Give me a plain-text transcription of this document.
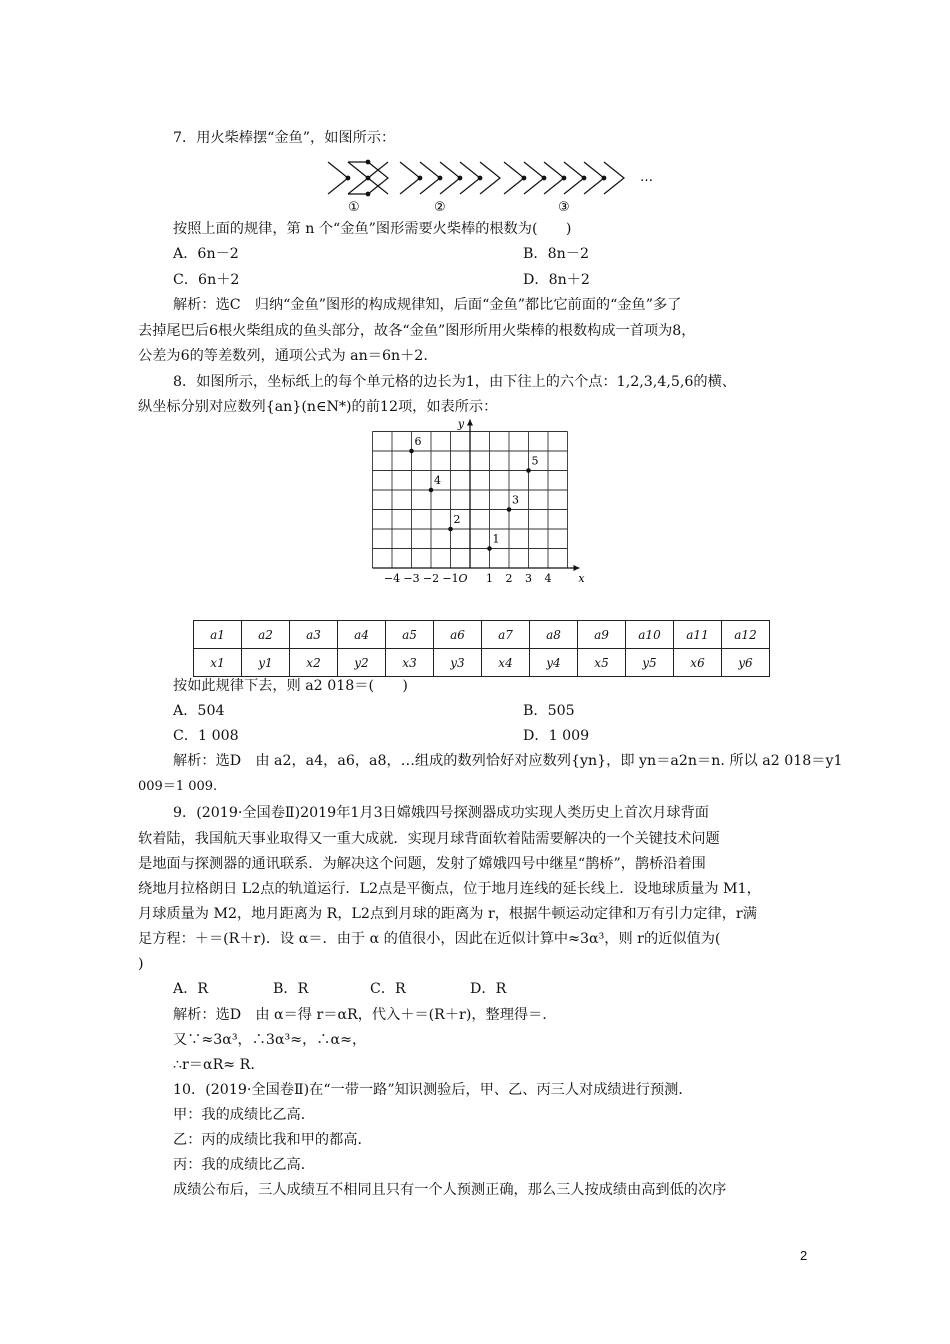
7．用火柴棒摆“金鱼”，如图所示：
①	②	③
…
按照上面的规律，第 n 个“金鱼”图形需要火柴棒的根数为(　　)
A．6n－2	B．8n－2
C．6n＋2	D．8n＋2
解析：选C　归纳“金鱼”图形的构成规律知，后面“金鱼”都比它前面的“金鱼”多了
去掉尾巴后6根火柴组成的鱼头部分，故各“金鱼”图形所用火柴棒的根数构成一首项为8，
公差为6的等差数列，通项公式为 an＝6n＋2.
8．如图所示，坐标纸上的每个单元格的边长为1，由下往上的六个点：1,2,3,4,5,6的横、
纵坐标分别对应数列{an}(n∈N*)的前12项，如表所示：
x
y
O
−4 −3 −2 −1 1 2 3 4
1
2
3
4
5
6
a1	a2	a3	a4	a5	a6	a7	a8	a9	a10	a11	a12
x1	y1	x2	y2	x3	y3	x4	y4	x5	y5	x6	y6
按如此规律下去，则 a2 018＝(　　)
A．504	B．505
C．1 008	D．1 009
解析：选D　由 a2，a4，a6，a8，…组成的数列恰好对应数列{yn}，即 yn＝a2n＝n. 所以 a2 018＝y1
009＝1 009.
9．(2019·全国卷Ⅱ)2019年1月3日嫦娥四号探测器成功实现人类历史上首次月球背面
软着陆，我国航天事业取得又一重大成就．实现月球背面软着陆需要解决的一个关键技术问题
是地面与探测器的通讯联系．为解决这个问题，发射了嫦娥四号中继星“鹊桥”，鹊桥沿着围
绕地月拉格朗日 L2点的轨道运行．L2点是平衡点，位于地月连线的延长线上．设地球质量为 M1，
月球质量为 M2，地月距离为 R，L2点到月球的距离为 r，根据牛顿运动定律和万有引力定律，r满
足方程：＋＝(R＋r)．设 α＝．由于 α 的值很小，因此在近似计算中≈3α³，则 r的近似值为(
)
A．R	B．R	C．R	D．R
解析：选D　由 α＝得 r＝αR，代入＋＝(R＋r)，整理得＝.
又∵≈3α³，∴3α³≈，∴α≈，
∴r＝αR≈ R.
10．(2019·全国卷Ⅱ)在“一带一路”知识测验后，甲、乙、丙三人对成绩进行预测．
甲：我的成绩比乙高．
乙：丙的成绩比我和甲的都高．
丙：我的成绩比乙高．
成绩公布后，三人成绩互不相同且只有一个人预测正确，那么三人按成绩由高到低的次序
2
